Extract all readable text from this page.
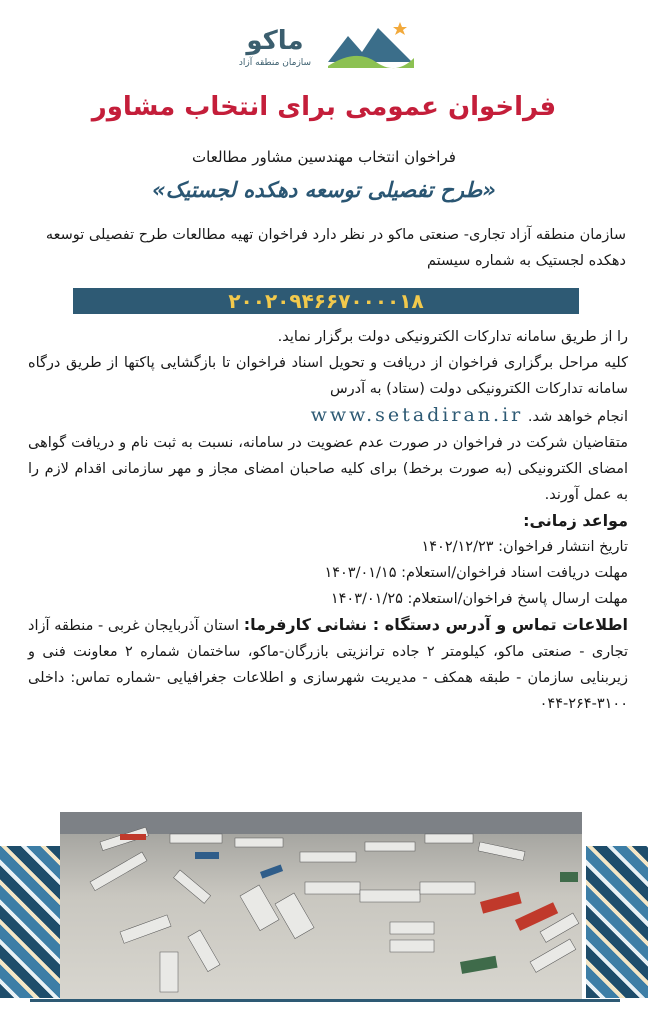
ماکو
سازمان منطقه آزاد
فراخوان عمومی برای انتخاب مشاور
فراخوان انتخاب مهندسین مشاور مطالعات
«طرح تفصیلی توسعه دهکده لجستیک»
سازمان منطقه آزاد تجاری- صنعتی ماکو در نظر دارد فراخوان تهیه مطالعات طرح تفصیلی توسعه دهکده لجستیک به شماره سیستم
۲۰۰۲۰۹۴۶۶۷۰۰۰۰۱۸

را از طریق سامانه تدارکات الکترونیکی دولت برگزار نماید.

کلیه مراحل برگزاری فراخوان از دریافت و تحویل اسناد فراخوان تا بازگشایی پاکتها از طریق درگاه سامانه تدارکات الکترونیکی دولت (ستاد) به آدرس

انجام خواهد شد. www.setadiran.ir

متقاضیان شرکت در فراخوان در صورت عدم عضویت در سامانه، نسبت به ثبت نام و دریافت گواهی امضای الکترونیکی (به صورت برخط) برای کلیه صاحبان امضای مجاز و مهر سازمانی اقدام لازم را به عمل آورند.

مواعد زمانی:

تاریخ انتشار فراخوان: ۱۴۰۲/۱۲/۲۳

مهلت دریافت اسناد فراخوان/استعلام: ۱۴۰۳/۰۱/۱۵

مهلت ارسال پاسخ فراخوان/استعلام: ۱۴۰۳/۰۱/۲۵

اطلاعات تماس و آدرس دستگاه : نشانی کارفرما: استان آذربایجان غربی - منطقه آزاد تجاری - صنعتی ماکو، کیلومتر ۲ جاده ترانزیتی بازرگان-ماکو، ساختمان شماره ۲ معاونت فنی و زیربنایی سازمان - طبقه همکف - مدیریت شهرسازی و اطلاعات جغرافیایی -شماره تماس: داخلی ۳۱۰۰-۲۶۴-۰۴۴
